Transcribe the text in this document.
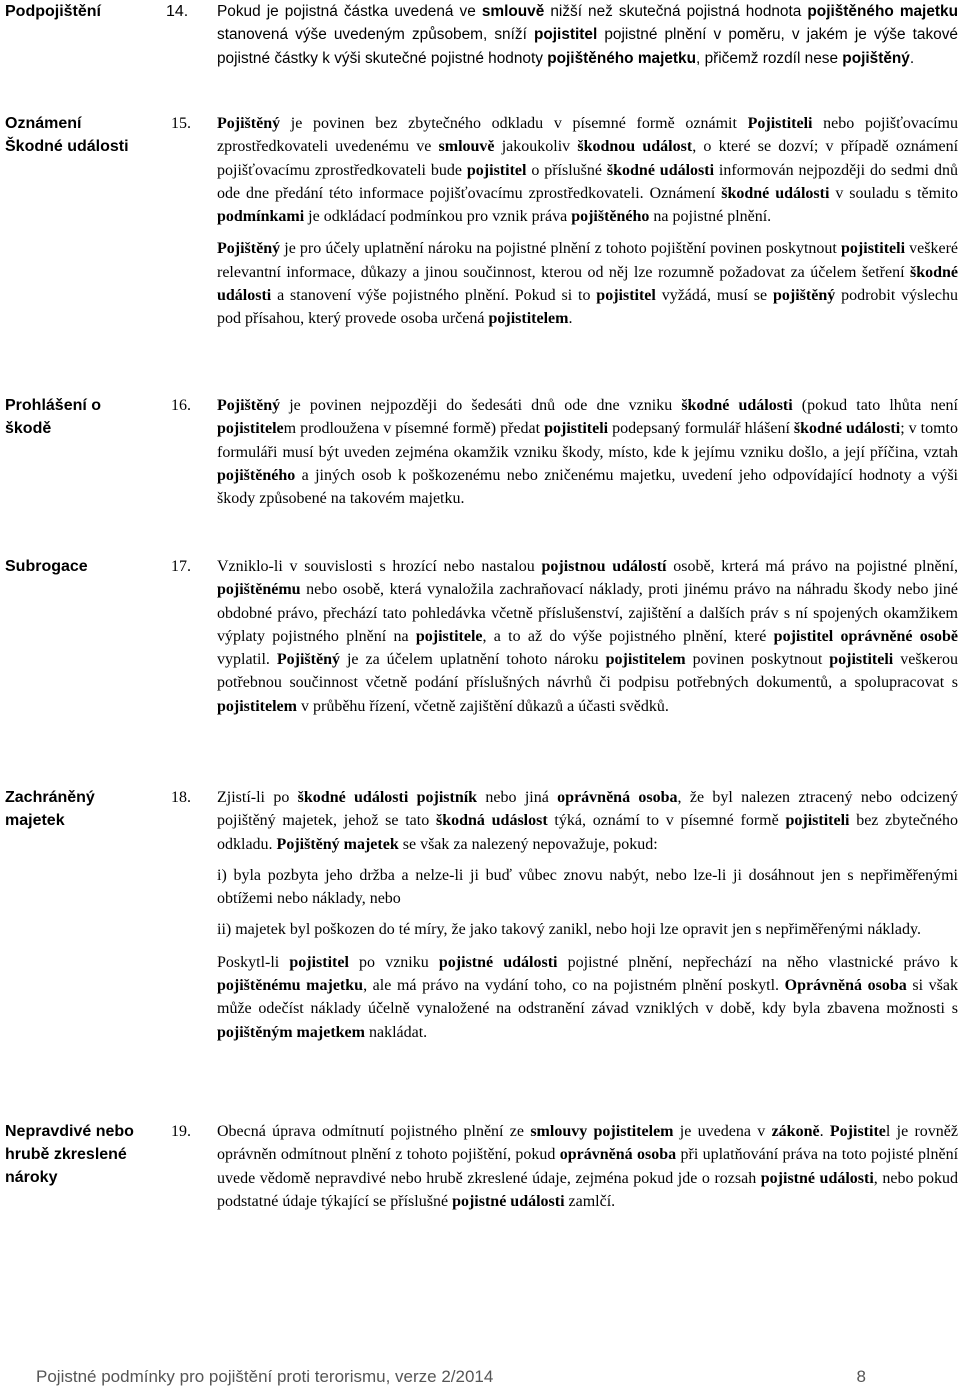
Podpojištění	14. Pokud je pojistná částka uvedená ve smlouvě nižší než skutečná pojistná hodnota pojištěného majetku stanovená výše uvedeným způsobem, sníží pojistitel pojistné plnění v poměru, v jakém je výše takové pojistné částky k výši skutečné pojistné hodnoty pojištěného majetku, přičemž rozdíl nese pojištěný.

Oznámení
Škodné události
15. Pojištěný je povinen bez zbytečného odkladu v písemné formě oznámit Pojistiteli nebo pojišťovacímu zprostředkovateli uvedenému ve smlouvě jakoukoliv škodnou událost, o které se dozví; v případě oznámení pojišťovacímu zprostředkovateli bude pojistitel o příslušné škodné události informován nejpozději do sedmi dnů ode dne předání této informace pojišťovacímu zprostředkovateli. Oznámení škodné události v souladu s těmito podmínkami je odkládací podmínkou pro vznik práva pojištěného na pojistné plnění.

Pojištěný je pro účely uplatnění nároku na pojistné plnění z tohoto pojištění povinen poskytnout pojistiteli veškeré relevantní informace, důkazy a jinou součinnost, kterou od něj lze rozumně požadovat za účelem šetření škodné události a stanovení výše pojistného plnění. Pokud si to pojistitel vyžádá, musí se pojištěný podrobit výslechu pod přísahou, který provede osoba určená pojistitelem.

Prohlášení o
škodě
16. Pojištěný je povinen nejpozději do šedesáti dnů ode dne vzniku škodné události (pokud tato lhůta není pojistitelem prodloužena v písemné formě) předat pojistiteli podepsaný formulář hlášení škodné události; v tomto formuláři musí být uveden zejména okamžik vzniku škody, místo, kde k jejímu vzniku došlo, a její příčina, vztah pojištěného a jiných osob k poškozenému nebo zničenému majetku, uvedení jeho odpovídající hodnoty a výši škody způsobené na takovém majetku.

Subrogace	17. Vzniklo-li v souvislosti s hrozící nebo nastalou pojistnou událostí osobě, krterá má právo na pojistné plnění, pojištěnému nebo osobě, která vynaložila zachraňovací náklady, proti jinému právo na náhradu škody nebo jiné obdobné právo, přechází tato pohledávka včetně příslušenství, zajištění a dalších práv s ní spojených okamžikem výplaty pojistného plnění na pojistitele, a to až do výše pojistného plnění, které pojistitel oprávněné osobě vyplatil. Pojištěný je za účelem uplatnění tohoto nároku pojistitelem povinen poskytnout pojistiteli veškerou potřebnou součinnost včetně podání příslušných návrhů či podpisu potřebných dokumentů, a spolupracovat s pojistitelem v průběhu řízení, včetně zajištění důkazů a účasti svědků.

Zachráněný
majetek
18. Zjistí-li po škodné události pojistník nebo jiná oprávněná osoba, že byl nalezen ztracený nebo odcizený pojištěný majetek, jehož se tato škodná udáslost týká, oznámí to v písemné formě pojistiteli bez zbytečného odkladu. Pojištěný majetek se však za nalezený nepovažuje, pokud:

i) byla pozbyta jeho držba a nelze-li ji buď vůbec znovu nabýt, nebo lze-li ji dosáhnout jen s nepřiměřenými obtížemi nebo náklady, nebo

ii) majetek byl poškozen do té míry, že jako takový zanikl, nebo hoji lze opravit jen s nepřiměřenými náklady.

Poskytl-li pojistitel po vzniku pojistné události pojistné plnění, nepřechází na něho vlastnické právo k pojištěnému majetku, ale má právo na vydání toho, co na pojistném plnění poskytl. Oprávněná osoba si však může odečíst náklady účelně vynaložené na odstranění závad vzniklých v době, kdy byla zbavena možnosti s pojištěným majetkem nakládat.

Nepravdivé nebo
hrubě zkreslené
nároky
19. Obecná úprava odmítnutí pojistného plnění ze smlouvy pojistitelem je uvedena v zákoně. Pojistitel je rovněž oprávněn odmítnout plnění z tohoto pojištění, pokud oprávněná osoba při uplatňování práva na toto pojisté plnění uvede vědomě nepravdivé nebo hrubě zkreslené údaje, zejména pokud jde o rozsah pojistné události, nebo pokud podstatné údaje týkající se příslušné pojistné události zamlčí.

Pojistné podmínky pro pojištění proti terorismu, verze 2/2014	8
